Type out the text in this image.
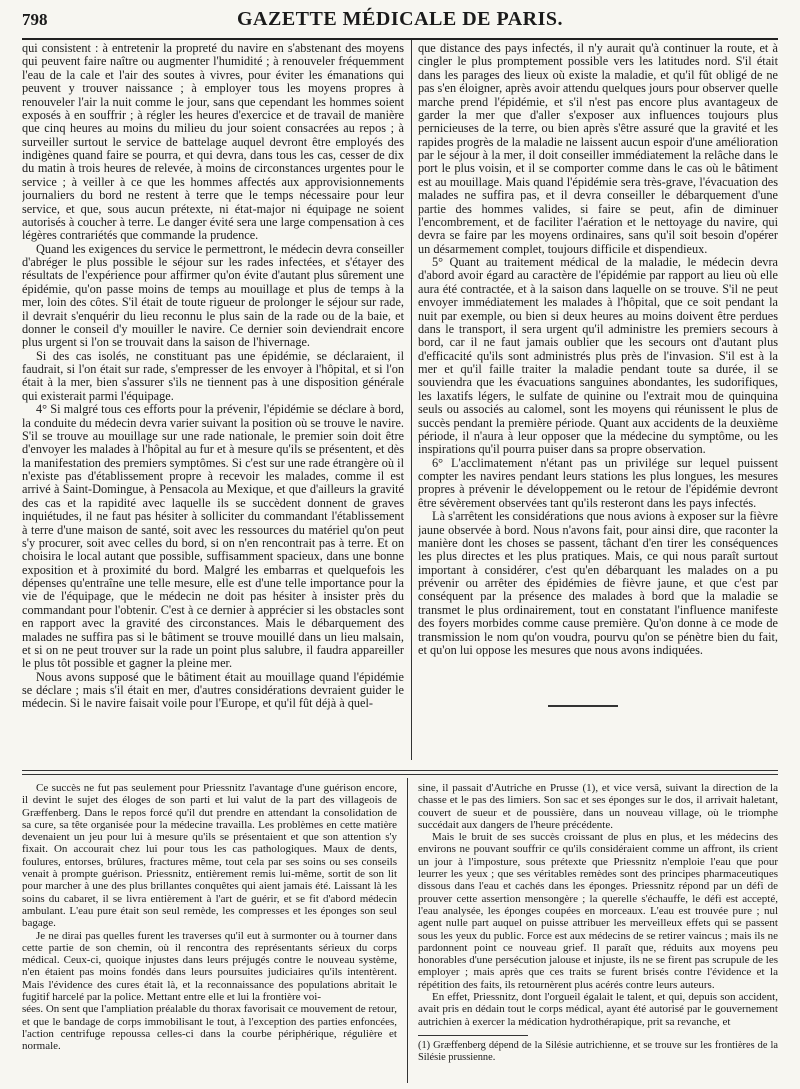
798	GAZETTE MÉDICALE DE PARIS.

qui consistent : à entretenir la propreté du navire en s'abstenant des moyens qui peuvent faire naître ou augmenter l'humidité ; à renouveler fréquemment l'eau de la cale et l'air des soutes à vivres, pour éviter les émanations qui peuvent y trouver naissance ; à employer tous les moyens propres à renouveler l'air la nuit comme le jour, sans que cependant les hommes soient exposés à en souffrir ; à régler les heures d'exercice et de travail de manière que cinq heures au moins du milieu du jour soient consacrées au repos ; à surveiller surtout le service de battelage auquel devront être employés des indigènes quand faire se pourra, et qui devra, dans tous les cas, cesser de dix du matin à trois heures de relevée, à moins de circonstances urgentes pour le service ; à veiller à ce que les hommes affectés aux approvisionnements journaliers du bord ne restent à terre que le temps nécessaire pour leur service, et que, sous aucun prétexte, ni état-major ni équipage ne soient autorisés à coucher à terre. Le danger évité sera une large compensation à ces légères contrariétés que commande la prudence.

Quand les exigences du service le permettront, le médecin devra conseiller d'abréger le plus possible le séjour sur les rades infectées, et s'étayer des résultats de l'expérience pour affirmer qu'on évite d'autant plus sûrement une épidémie, qu'on passe moins de temps au mouillage et plus de temps à la mer, loin des côtes. S'il était de toute rigueur de prolonger le séjour sur rade, il devrait s'enquérir du lieu reconnu le plus sain de la rade ou de la baie, et donner le conseil d'y mouiller le navire. Ce dernier soin deviendrait encore plus urgent si l'on se trouvait dans la saison de l'hivernage.

Si des cas isolés, ne constituant pas une épidémie, se déclaraient, il faudrait, si l'on était sur rade, s'empresser de les envoyer à l'hôpital, et si l'on était à la mer, bien s'assurer s'ils ne tiennent pas à une disposition générale qui existerait parmi l'équipage.

4° Si malgré tous ces efforts pour la prévenir, l'épidémie se déclare à bord, la conduite du médecin devra varier suivant la position où se trouve le navire. S'il se trouve au mouillage sur une rade nationale, le premier soin doit être d'envoyer les malades à l'hôpital au fur et à mesure qu'ils se présentent, et dès la manifestation des premiers symptômes. Si c'est sur une rade étrangère où il n'existe pas d'établissement propre à recevoir les malades, comme il est arrivé à Saint-Domingue, à Pensacola au Mexique, et que d'ailleurs la gravité des cas et la rapidité avec laquelle ils se succèdent donnent de graves inquiétudes, il ne faut pas hésiter à solliciter du commandant l'établissement à terre d'une maison de santé, soit avec les ressources du matériel qu'on peut s'y procurer, soit avec celles du bord, si on n'en rencontrait pas à terre. Et on choisira le local autant que possible, suffisamment spacieux, dans une bonne exposition et à proximité du bord. Malgré les embarras et quelquefois les dépenses qu'entraîne une telle mesure, elle est d'une telle importance pour la vie de l'équipage, que le médecin ne doit pas hésiter à insister près du commandant pour l'obtenir. C'est à ce dernier à apprécier si les obstacles sont en rapport avec la gravité des circonstances. Mais le débarquement des malades ne suffira pas si le bâtiment se trouve mouillé dans un lieu malsain, et si on ne peut trouver sur la rade un point plus salubre, il faudra appareiller le plus tôt possible et gagner la pleine mer.

Nous avons supposé que le bâtiment était au mouillage quand l'épidémie se déclare ; mais s'il était en mer, d'autres considérations devraient guider le médecin. Si le navire faisait voile pour l'Europe, et qu'il fût déjà à quel-

que distance des pays infectés, il n'y aurait qu'à continuer la route, et à cingler le plus promptement possible vers les latitudes nord. S'il était dans les parages des lieux où existe la maladie, et qu'il fût obligé de ne pas s'en éloigner, après avoir attendu quelques jours pour observer quelle marche prend l'épidémie, et s'il n'est pas encore plus avantageux de garder la mer que d'aller s'exposer aux influences toujours plus pernicieuses de la terre, ou bien après s'être assuré que la gravité et les rapides progrès de la maladie ne laissent aucun espoir d'une amélioration par le séjour à la mer, il doit conseiller immédiatement la relâche dans le port le plus voisin, et il se comporter comme dans le cas où le bâtiment est au mouillage. Mais quand l'épidémie sera très-grave, l'évacuation des malades ne suffira pas, et il devra conseiller le débarquement d'une partie des hommes valides, si faire se peut, afin de diminuer l'encombrement, et de faciliter l'aération et le nettoyage du navire, qui devra se faire par les moyens ordinaires, sans qu'il soit besoin d'opérer un désarmement complet, toujours difficile et dispendieux.

5° Quant au traitement médical de la maladie, le médecin devra d'abord avoir égard au caractère de l'épidémie par rapport au lieu où elle aura été contractée, et à la saison dans laquelle on se trouve. S'il ne peut envoyer immédiatement les malades à l'hôpital, que ce soit pendant la nuit par exemple, ou bien si deux heures au moins doivent être perdues dans le transport, il sera urgent qu'il administre les premiers secours à bord, car il ne faut jamais oublier que les secours ont d'autant plus d'efficacité qu'ils sont administrés plus près de l'invasion. S'il est à la mer et qu'il faille traiter la maladie pendant toute sa durée, il se souviendra que les évacuations sanguines abondantes, les sudorifiques, les laxatifs légers, le sulfate de quinine ou l'extrait mou de quinquina seuls ou associés au calomel, sont les moyens qui réunissent le plus de succès pendant la première période. Quant aux accidents de la deuxième période, il n'aura à leur opposer que la médecine du symptôme, ou les inspirations qu'il pourra puiser dans sa propre observation.

6° L'acclimatement n'étant pas un privilége sur lequel puissent compter les navires pendant leurs stations les plus longues, les mesures propres à prévenir le développement ou le retour de l'épidémie devront être sévèrement observées tant qu'ils resteront dans les pays infectés.

Là s'arrêtent les considérations que nous avions à exposer sur la fièvre jaune observée à bord. Nous n'avons fait, pour ainsi dire, que raconter la manière dont les choses se passent, tâchant d'en tirer les conséquences les plus directes et les plus pratiques. Mais, ce qui nous paraît surtout important à considérer, c'est qu'en débarquant les malades on a pu prévenir ou arrêter des épidémies de fièvre jaune, et que c'est par conséquent par la présence des malades à bord que la maladie se transmet le plus ordinairement, tout en constatant l'influence manifeste des foyers morbides comme cause première. Qu'on donne à ce mode de transmission le nom qu'on voudra, pourvu qu'on se pénètre bien du fait, et qu'on lui oppose les mesures que nous avons indiquées.

Ce succès ne fut pas seulement pour Priessnitz l'avantage d'une guérison encore, il devint le sujet des éloges de son parti et lui valut de la part des villageois de Græffenberg. Dans le repos forcé qu'il dut prendre en attendant la consolidation de sa cure, sa tête organisée pour la médecine travailla. Les problèmes en cette matière devenaient un jeu pour lui à mesure qu'ils se présentaient et que son attention s'y fixait. On accourait chez lui pour tous les cas pathologiques. Maux de dents, foulures, entorses, brûlures, fractures même, tout cela par ses soins ou ses conseils venait à prompte guérison. Priessnitz, entièrement remis lui-même, sortit de son lit pour marcher à une des plus brillantes conquêtes qui aient jamais été. Laissant là les soins du cabaret, il se livra entièrement à l'art de guérir, et se fit d'abord médecin ambulant. L'eau pure était son seul remède, les compresses et les éponges son seul bagage.

Je ne dirai pas quelles furent les traverses qu'il eut à surmonter ou à tourner dans cette partie de son chemin, où il rencontra des représentants sérieux du corps médical. Ceux-ci, quoique injustes dans leurs préjugés contre le nouveau système, n'en étaient pas moins fondés dans leurs poursuites judiciaires qu'ils intentèrent. Mais l'évidence des cures était là, et la reconnaissance des populations abritait le fugitif harcelé par la police. Mettant entre elle et lui la frontière voi-

sées. On sent que l'ampliation préalable du thorax favorisait ce mouvement de retour, et que le bandage de corps immobilisant le tout, à l'exception des parties enfoncées, l'action centrifuge repoussa celles-ci dans la courbe périphérique, régulière et normale.

sine, il passait d'Autriche en Prusse (1), et vice versâ, suivant la direction de la chasse et le pas des limiers. Son sac et ses éponges sur le dos, il arrivait haletant, couvert de sueur et de poussière, dans un nouveau village, où le triomphe succédait aux dangers de l'heure précédente.

Mais le bruit de ses succès croissant de plus en plus, et les médecins des environs ne pouvant souffrir ce qu'ils considéraient comme un affront, ils crient un jour à l'imposture, sous prétexte que Priessnitz n'emploie l'eau que pour leurrer les yeux ; que ses véritables remèdes sont des principes pharmaceutiques dissous dans l'eau et cachés dans les éponges. Priessnitz répond par un défi de prouver cette assertion mensongère ; la querelle s'échauffe, le défi est accepté, l'eau analysée, les éponges coupées en morceaux. L'eau est trouvée pure ; nul agent nulle part auquel on puisse attribuer les merveilleux effets qui se passent sous les yeux du public. Force est aux médecins de se retirer vaincus ; mais ils ne pardonnent point ce nouveau grief. Il paraît que, réduits aux moyens peu honorables d'une persécution jalouse et injuste, ils ne se firent pas scrupule de les employer ; mais après que ces traits se furent brisés contre l'évidence et la répétition des faits, ils retournèrent plus acérés contre leurs auteurs.

En effet, Priessnitz, dont l'orgueil égalait le talent, et qui, depuis son accident, avait pris en dédain tout le corps médical, ayant été autorisé par le gouvernement autrichien à exercer la médication hydrothérapique, prit sa revanche, et

(1) Græffenberg dépend de la Silésie autrichienne, et se trouve sur les frontières de la Silésie prussienne.
